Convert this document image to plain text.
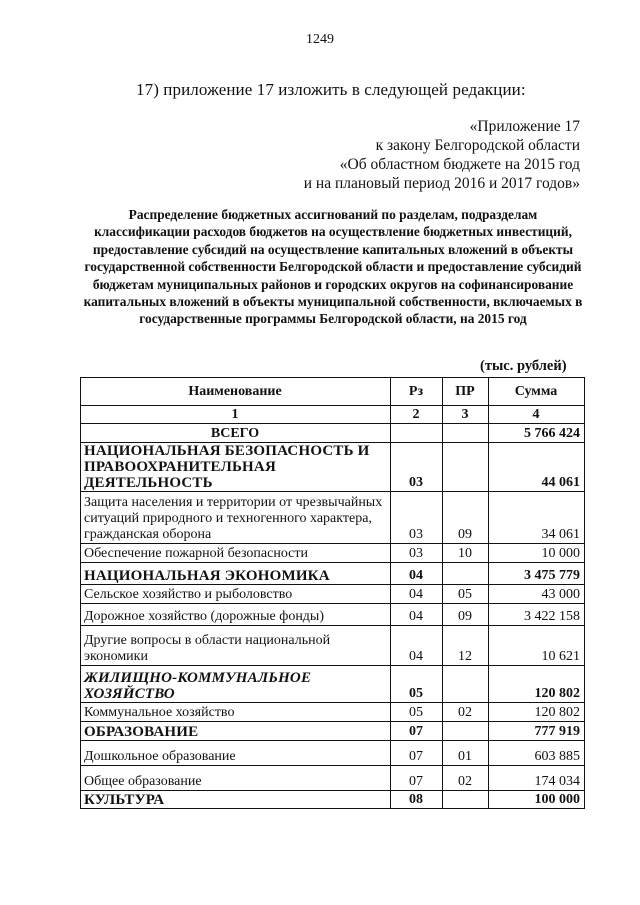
1249
17) приложение 17 изложить в следующей редакции:
«Приложение 17
к закону Белгородской области
«Об областном бюджете на 2015 год
и на плановый период 2016 и 2017 годов»
Распределение бюджетных ассигнований по разделам, подразделам классификации расходов бюджетов на осуществление бюджетных инвестиций, предоставление субсидий на осуществление капитальных вложений в объекты государственной собственности Белгородской области и предоставление субсидий бюджетам муниципальных районов и городских округов на софинансирование капитальных вложений в объекты муниципальной собственности, включаемых в государственные программы Белгородской области, на 2015 год
(тыс. рублей)
Наименование	Рз	ПР	Сумма
1	2	3	4
ВСЕГО			5 766 424
НАЦИОНАЛЬНАЯ БЕЗОПАСНОСТЬ И ПРАВООХРАНИТЕЛЬНАЯ ДЕЯТЕЛЬНОСТЬ	03		44 061
Защита населения и территории от чрезвычайных ситуаций природного и техногенного характера, гражданская оборона	03	09	34 061
Обеспечение пожарной безопасности	03	10	10 000
НАЦИОНАЛЬНАЯ ЭКОНОМИКА	04		3 475 779
Сельское хозяйство и рыболовство	04	05	43 000
Дорожное хозяйство (дорожные фонды)	04	09	3 422 158
Другие вопросы в области национальной экономики	04	12	10 621
ЖИЛИЩНО-КОММУНАЛЬНОЕ ХОЗЯЙСТВО	05		120 802
Коммунальное хозяйство	05	02	120 802
ОБРАЗОВАНИЕ	07		777 919
Дошкольное образование	07	01	603 885
Общее образование	07	02	174 034
КУЛЬТУРА	08		100 000
